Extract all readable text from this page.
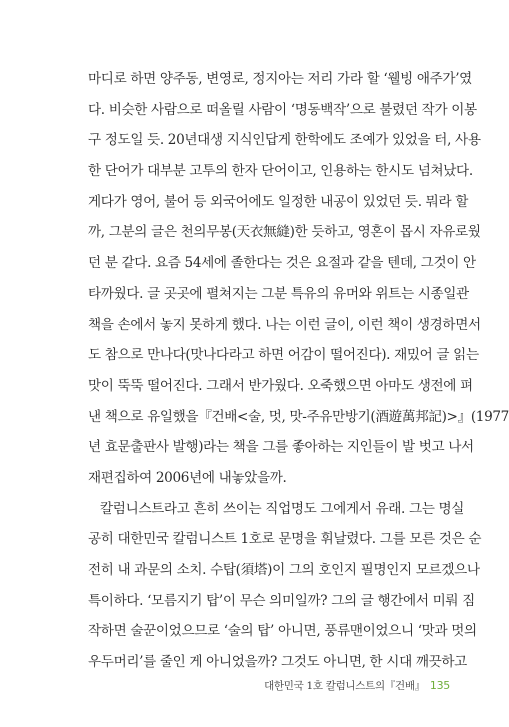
마디로 하면 양주동, 변영로, 정지아는 저리 가라 할 ‘웰빙 애주가’였
다. 비슷한 사람으로 떠올릴 사람이 ‘명동백작’으로 불렸던 작가 이봉
구 정도일 듯. 20년대생 지식인답게 한학에도 조예가 있었을 터, 사용
한 단어가 대부분 고투의 한자 단어이고, 인용하는 한시도 넘쳐났다.
게다가 영어, 불어 등 외국어에도 일정한 내공이 있었던 듯. 뭐라 할
까, 그분의 글은 천의무봉(天衣無縫)한 듯하고, 영혼이 몹시 자유로웠
던 분 같다. 요즘 54세에 졸한다는 것은 요절과 같을 텐데, 그것이 안
타까웠다. 글 곳곳에 펼쳐지는 그분 특유의 유머와 위트는 시종일관
책을 손에서 놓지 못하게 했다. 나는 이런 글이, 이런 책이 생경하면서
도 참으로 만나다(맛나다라고 하면 어감이 떨어진다). 재밌어 글 읽는
맛이 뚝뚝 떨어진다. 그래서 반가웠다. 오죽했으면 아마도 생전에 펴
낸 책으로 유일했을『건배<술, 멋, 맛-주유만방기(酒遊萬邦記)>』(1977
년 효문출판사 발행)라는 책을 그를 좋아하는 지인들이 발 벗고 나서
재편집하여 2006년에 내놓았을까.
칼럼니스트라고 흔히 쓰이는 직업명도 그에게서 유래. 그는 명실
공히 대한민국 칼럼니스트 1호로 문명을 휘날렸다. 그를 모른 것은 순
전히 내 과문의 소치. 수탑(須塔)이 그의 호인지 필명인지 모르겠으나
특이하다. ‘모름지기 탑’이 무슨 의미일까? 그의 글 행간에서 미뤄 짐
작하면 술꾼이었으므로 ‘술의 탑’ 아니면, 풍류맨이었으니 ‘맛과 멋의
우두머리’를 줄인 게 아니었을까? 그것도 아니면, 한 시대 깨끗하고
대한민국 1호 칼럼니스트의『건배』 135
